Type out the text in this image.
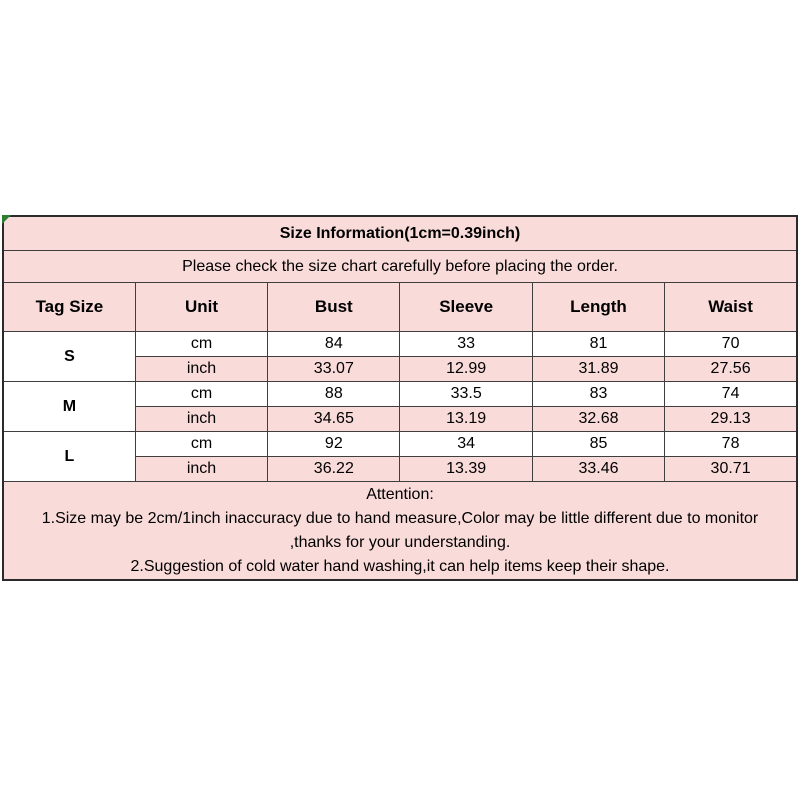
Size Information(1cm=0.39inch)					
Please check the size chart carefully before placing the order.					
Tag Size	Unit	Bust	Sleeve	Length	Waist
S	cm	84	33	81	70
	inch	33.07	12.99	31.89	27.56
M	cm	88	33.5	83	74
	inch	34.65	13.19	32.68	29.13
L	cm	92	34	85	78
	inch	36.22	13.39	33.46	30.71

Attention:
1.Size may be 2cm/1inch inaccuracy due to hand measure,Color may be little different due to monitor
,thanks for your understanding.
2.Suggestion of cold water hand washing,it can help items keep their shape.					
